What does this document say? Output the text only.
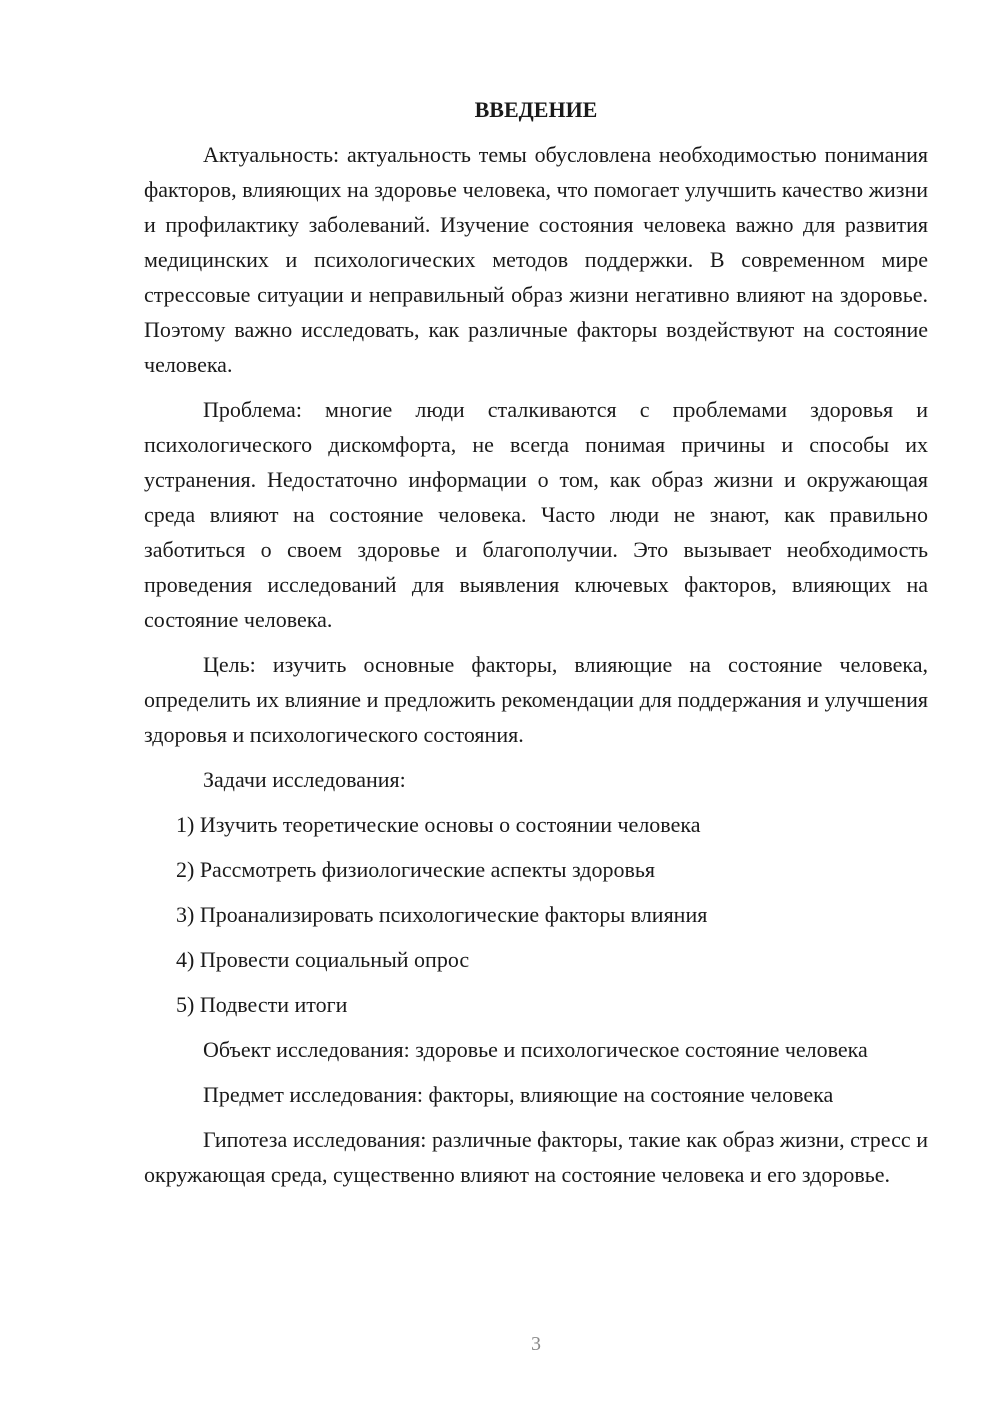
ВВЕДЕНИЕ

Актуальность: актуальность темы обусловлена необходимостью понимания факторов, влияющих на здоровье человека, что помогает улучшить качество жизни и профилактику заболеваний. Изучение состояния человека важно для развития медицинских и психологических методов поддержки. В современном мире стрессовые ситуации и неправильный образ жизни негативно влияют на здоровье. Поэтому важно исследовать, как различные факторы воздействуют на состояние человека.

Проблема: многие люди сталкиваются с проблемами здоровья и психологического дискомфорта, не всегда понимая причины и способы их устранения. Недостаточно информации о том, как образ жизни и окружающая среда влияют на состояние человека. Часто люди не знают, как правильно заботиться о своем здоровье и благополучии. Это вызывает необходимость проведения исследований для выявления ключевых факторов, влияющих на состояние человека.

Цель: изучить основные факторы, влияющие на состояние человека, определить их влияние и предложить рекомендации для поддержания и улучшения здоровья и психологического состояния.

Задачи исследования:

1) Изучить теоретические основы о состоянии человека
2) Рассмотреть физиологические аспекты здоровья
3) Проанализировать психологические факторы влияния
4) Провести социальный опрос
5) Подвести итоги

Объект исследования: здоровье и психологическое состояние человека

Предмет исследования: факторы, влияющие на состояние человека

Гипотеза исследования: различные факторы, такие как образ жизни, стресс и окружающая среда, существенно влияют на состояние человека и его здоровье.

3
